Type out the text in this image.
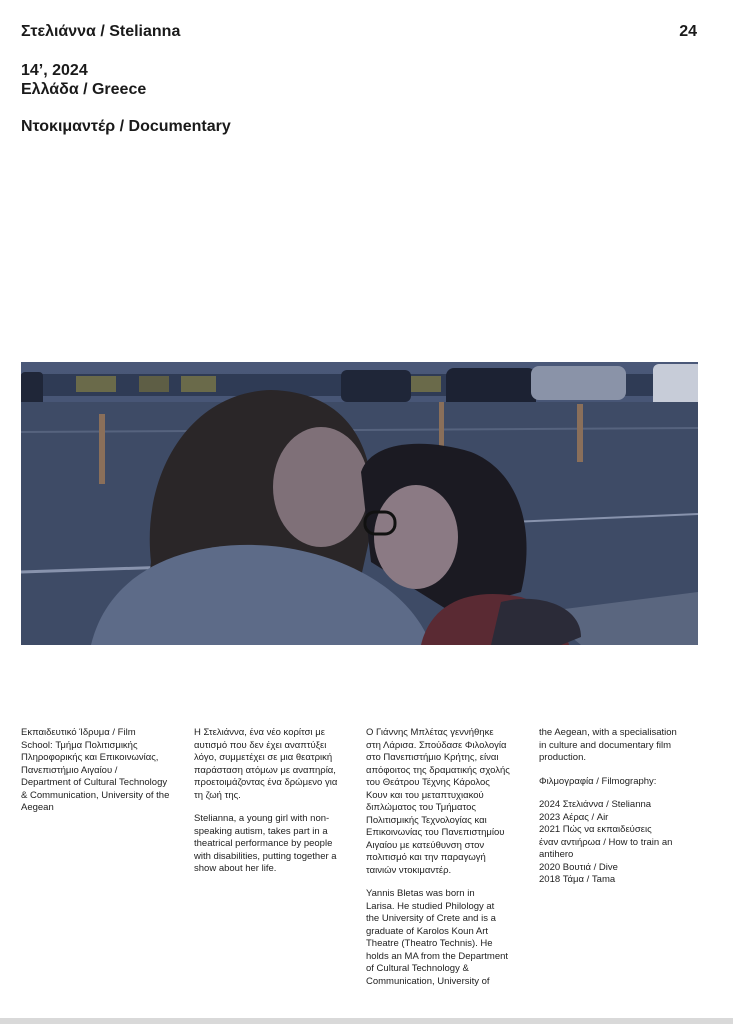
Στελιάννα / Stelianna	24
14’, 2024
Ελλάδα / Greece
Ντοκιμαντέρ / Documentary

Εκπαιδευτικό Ίδρυμα / Film
School: Τμήμα Πολιτισμικής
Πληροφορικής και Επικοινωνίας,
Πανεπιστήμιο Αιγαίου /
Department of Cultural Technology
& Communication, University of the
Aegean

Η Στελιάννα, ένα νέο κορίτσι με
αυτισμό που δεν έχει αναπτύξει
λόγο, συμμετέχει σε μια θεατρική
παράσταση ατόμων με αναπηρία,
προετοιμάζοντας ένα δρώμενο για
τη ζωή της.

Stelianna, a young girl with non-
speaking autism, takes part in a
theatrical performance by people
with disabilities, putting together a
show about her life.

Ο Γιάννης Μπλέτας γεννήθηκε
στη Λάρισα. Σπούδασε Φιλολογία
στο Πανεπιστήμιο Κρήτης, είναι
απόφοιτος της δραματικής σχολής
του Θεάτρου Τέχνης Κάρολος
Κουν και του μεταπτυχιακού
διπλώματος του Τμήματος
Πολιτισμικής Τεχνολογίας και
Επικοινωνίας του Πανεπιστημίου
Αιγαίου με κατεύθυνση στον
πολιτισμό και την παραγωγή
ταινιών ντοκιμαντέρ.

Yannis Bletas was born in
Larisa. He studied Philology at
the University of Crete and is a
graduate of Karolos Koun Art
Theatre (Theatro Technis). He
holds an MA from the Department
of Cultural Technology &
Communication, University of

the Aegean, with a specialisation
in culture and documentary film
production.

Φιλμογραφία / Filmography:

2024 Στελιάννα / Stelianna
2023 Αέρας / Air
2021 Πώς να εκπαιδεύσεις
έναν αντιήρωα / How to train an
antihero
2020 Βουτιά / Dive
2018 Τάμα / Tama
